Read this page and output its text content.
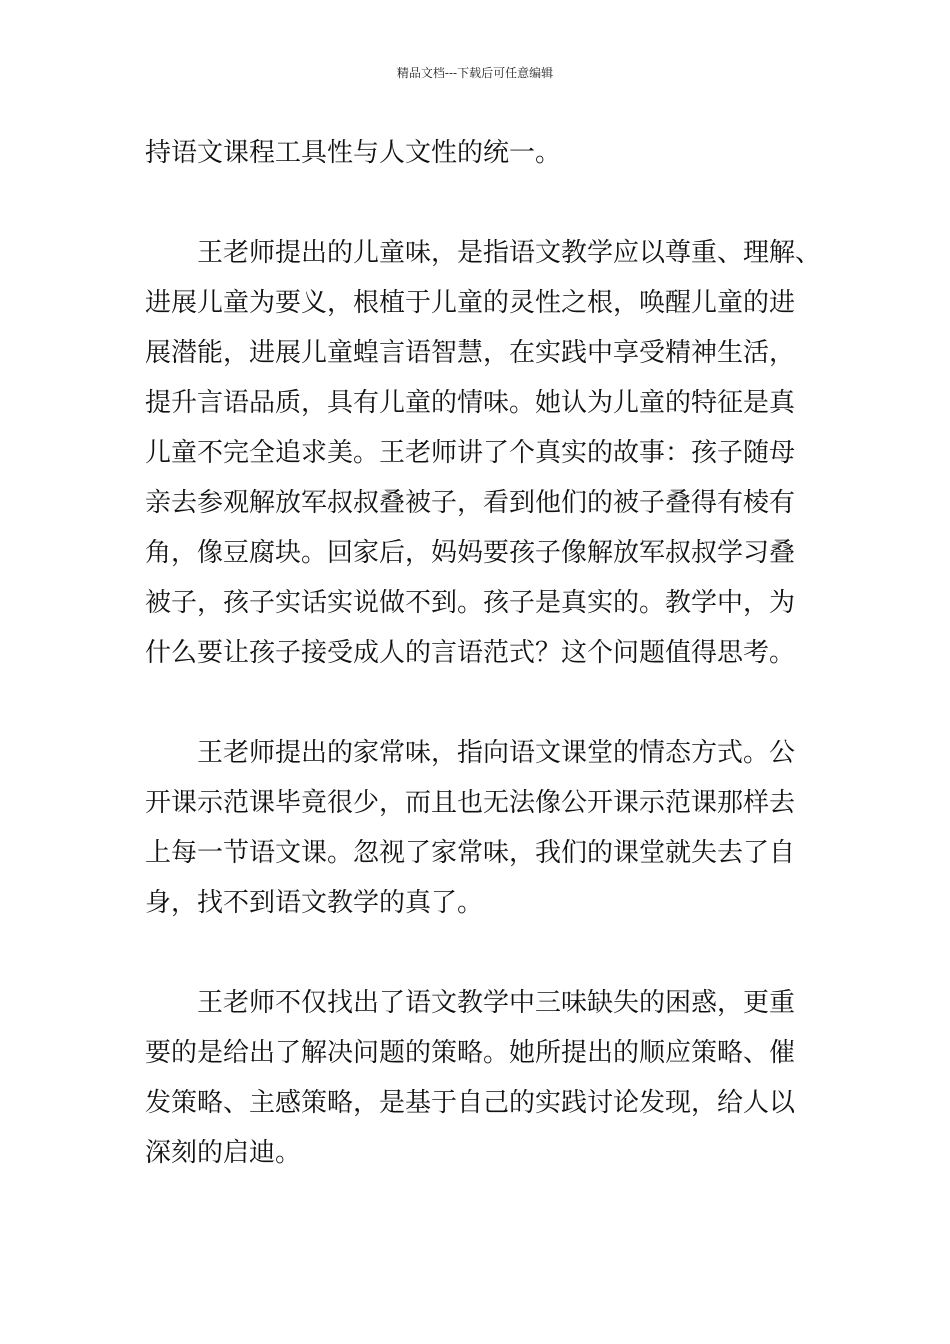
精品文档---下载后可任意编辑
持语文课程工具性与人文性的统一。
　　王老师提出的儿童味，是指语文教学应以尊重、理解、
进展儿童为要义，根植于儿童的灵性之根，唤醒儿童的进
展潜能，进展儿童蝗言语智慧，在实践中享受精神生活，
提升言语品质，具有儿童的情味。她认为儿童的特征是真
儿童不完全追求美。王老师讲了个真实的故事：孩子随母
亲去参观解放军叔叔叠被子，看到他们的被子叠得有棱有
角，像豆腐块。回家后，妈妈要孩子像解放军叔叔学习叠
被子，孩子实话实说做不到。孩子是真实的。教学中，为
什么要让孩子接受成人的言语范式？这个问题值得思考。
　　王老师提出的家常味，指向语文课堂的情态方式。公
开课示范课毕竟很少，而且也无法像公开课示范课那样去
上每一节语文课。忽视了家常味，我们的课堂就失去了自
身，找不到语文教学的真了。
　　王老师不仅找出了语文教学中三味缺失的困惑，更重
要的是给出了解决问题的策略。她所提出的顺应策略、催
发策略、主感策略，是基于自己的实践讨论发现，给人以
深刻的启迪。
